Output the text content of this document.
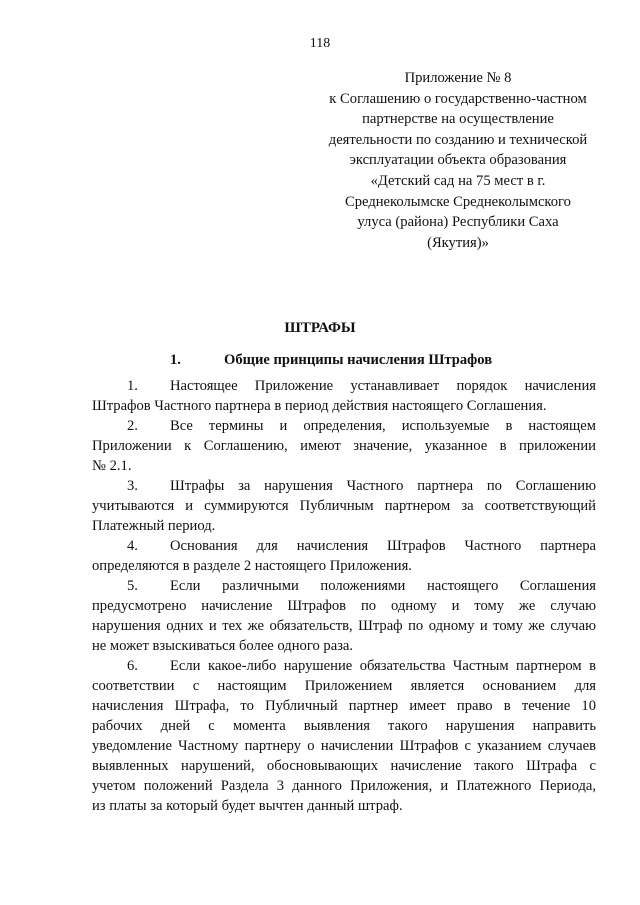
118
Приложение № 8
к Соглашению о государственно-частном
партнерстве на осуществление
деятельности по созданию и технической
эксплуатации объекта образования
«Детский сад на 75 мест в г.
Среднеколымске Среднеколымского
улуса (района) Республики Саха
(Якутия)»
ШТРАФЫ
1.	Общие принципы начисления Штрафов
1. Настоящее Приложение устанавливает порядок начисления
Штрафов Частного партнера в период действия настоящего Соглашения.
2. Все термины и определения, используемые в настоящем
Приложении к Соглашению, имеют значение, указанное в приложении
№ 2.1.
3. Штрафы за нарушения Частного партнера по Соглашению
учитываются и суммируются Публичным партнером за соответствующий
Платежный период.
4. Основания для начисления Штрафов Частного партнера
определяются в разделе 2 настоящего Приложения.
5. Если различными положениями настоящего Соглашения
предусмотрено начисление Штрафов по одному и тому же случаю
нарушения одних и тех же обязательств, Штраф по одному и тому же случаю
не может взыскиваться более одного раза.
6. Если какое-либо нарушение обязательства Частным партнером в
соответствии с настоящим Приложением является основанием для
начисления Штрафа, то Публичный партнер имеет право в течение 10
рабочих дней с момента выявления такого нарушения направить
уведомление Частному партнеру о начислении Штрафов с указанием случаев
выявленных нарушений, обосновывающих начисление такого Штрафа с
учетом положений Раздела 3 данного Приложения, и Платежного Периода,
из платы за который будет вычтен данный штраф.
